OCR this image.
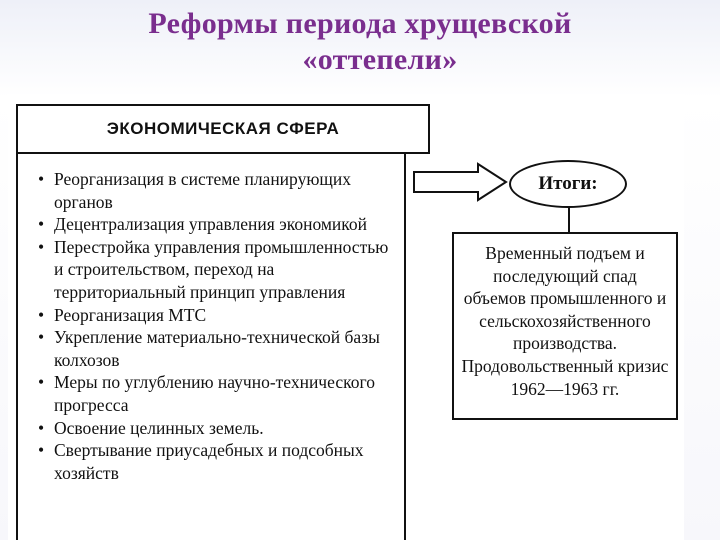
Реформы периода хрущевской
«оттепели»
ЭКОНОМИЧЕСКАЯ СФЕРА
• Реорганизация в системе планирующих органов
• Децентрализация управления экономикой
• Перестройка управления промышленностью и строительством, переход на территориальный принцип управления
• Реорганизация МТС
• Укрепление материально-технической базы колхозов
• Меры по углублению научно-технического прогресса
• Освоение целинных земель.
• Свертывание приусадебных и подсобных хозяйств
Итоги:
Временный подъем и последующий спад объемов промышленного и сельскохозяйственного производства. Продовольственный кризис 1962—1963 гг.
